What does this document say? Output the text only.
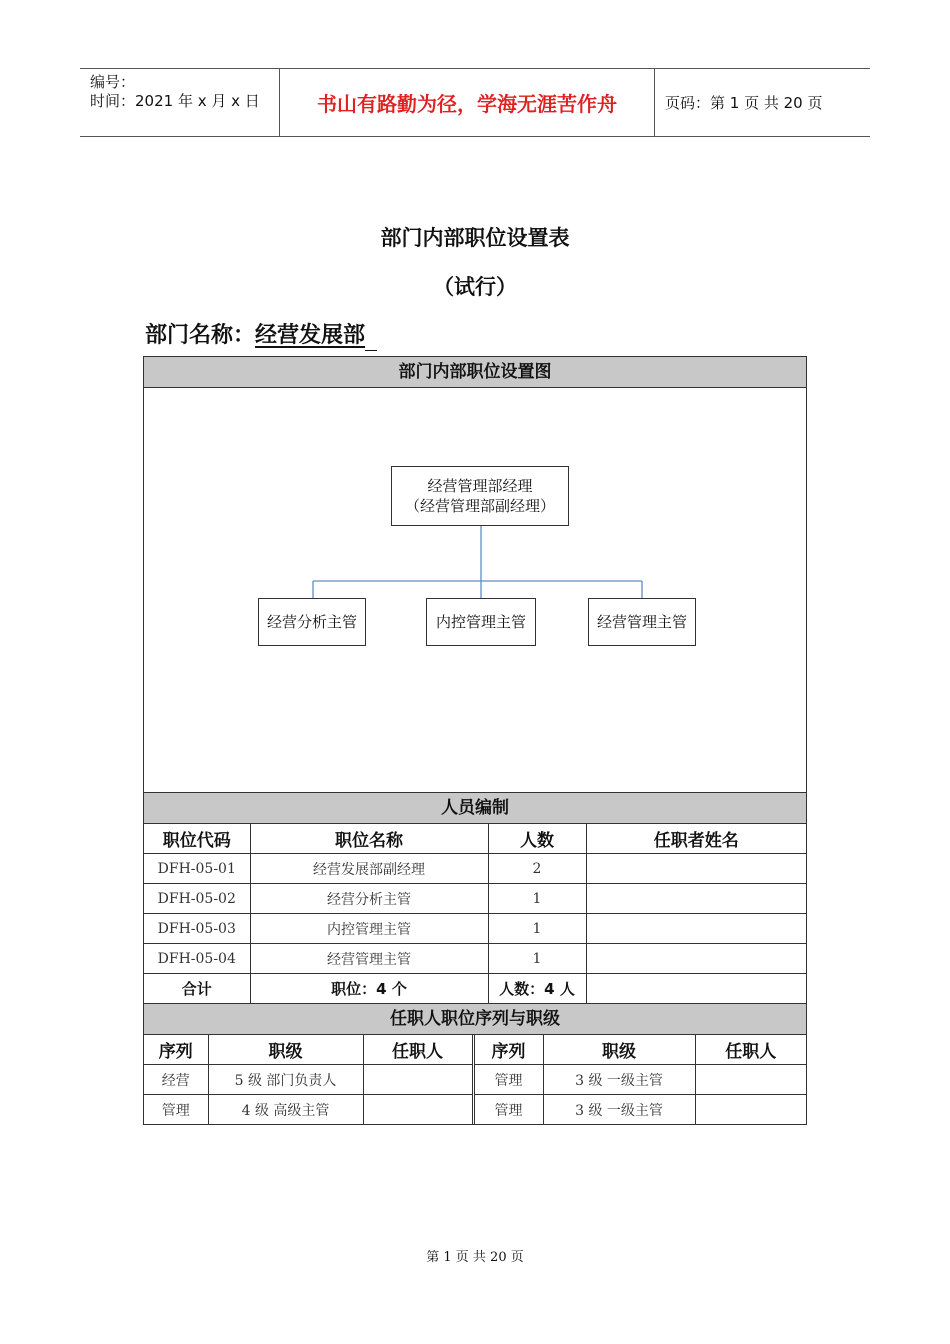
编号：
时间：2021 年 x 月 x 日	书山有路勤为径，学海无涯苦作舟	页码：第 1 页 共 20 页
部门内部职位设置表
（试行）
部门名称：经营发展部
部门内部职位设置图
经营管理部经理
（经营管理部副经理）
经营分析主管	内控管理主管	经营管理主管
人员编制
职位代码	职位名称	人数	任职者姓名
DFH-05-01	经营发展部副经理	2	
DFH-05-02	经营分析主管	1	
DFH-05-03	内控管理主管	1	
DFH-05-04	经营管理主管	1	
合计	职位：4 个	人数：4 人	
任职人职位序列与职级
序列	职级	任职人	序列	职级	任职人
经营	5 级 部门负责人		管理	3 级 一级主管	
管理	4 级 高级主管		管理	3 级 一级主管	
第 1 页 共 20 页
